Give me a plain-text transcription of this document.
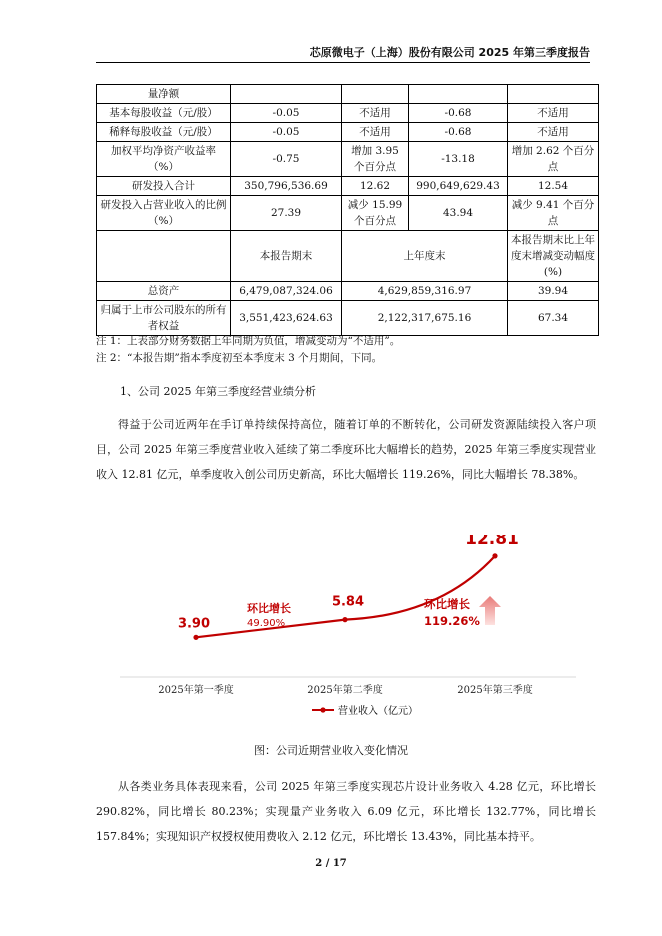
芯原微电子（上海）股份有限公司 2025 年第三季度报告
量净额				
基本每股收益（元/股）	-0.05	不适用	-0.68	不适用
稀释每股收益（元/股）	-0.05	不适用	-0.68	不适用
加权平均净资产收益率（%）	-0.75	增加 3.95 个百分点	-13.18	增加 2.62 个百分点
研发投入合计	350,796,536.69	12.62	990,649,629.43	12.54
研发投入占营业收入的比例（%）	27.39	减少 15.99 个百分点	43.94	减少 9.41 个百分点
	本报告期末	上年度末		本报告期末比上年度末增减变动幅度(%)
总资产	6,479,087,324.06	4,629,859,316.97		39.94
归属于上市公司股东的所有者权益	3,551,423,624.63	2,122,317,675.16		67.34
注 1：上表部分财务数据上年同期为负值，增减变动为“不适用”。
注 2：“本报告期”指本季度初至本季度末 3 个月期间，下同。
1、公司 2025 年第三季度经营业绩分析
得益于公司近两年在手订单持续保持高位，随着订单的不断转化，公司研发资源陆续投入客户项目，公司 2025 年第三季度营业收入延续了第二季度环比大幅增长的趋势，2025 年第三季度实现营业收入 12.81 亿元，单季度收入创公司历史新高，环比大幅增长 119.26%，同比大幅增长 78.38%。
3.90
5.84
12.81
2025年第一季度	2025年第二季度	2025年第三季度
环比增长
49.90%
环比增长
119.26%
营业收入（亿元）
图：公司近期营业收入变化情况
从各类业务具体表现来看，公司 2025 年第三季度实现芯片设计业务收入 4.28 亿元，环比增长 290.82%，同比增长 80.23%；实现量产业务收入 6.09 亿元，环比增长 132.77%，同比增长 157.84%；实现知识产权授权使用费收入 2.12 亿元，环比增长 13.43%，同比基本持平。
2 / 17
